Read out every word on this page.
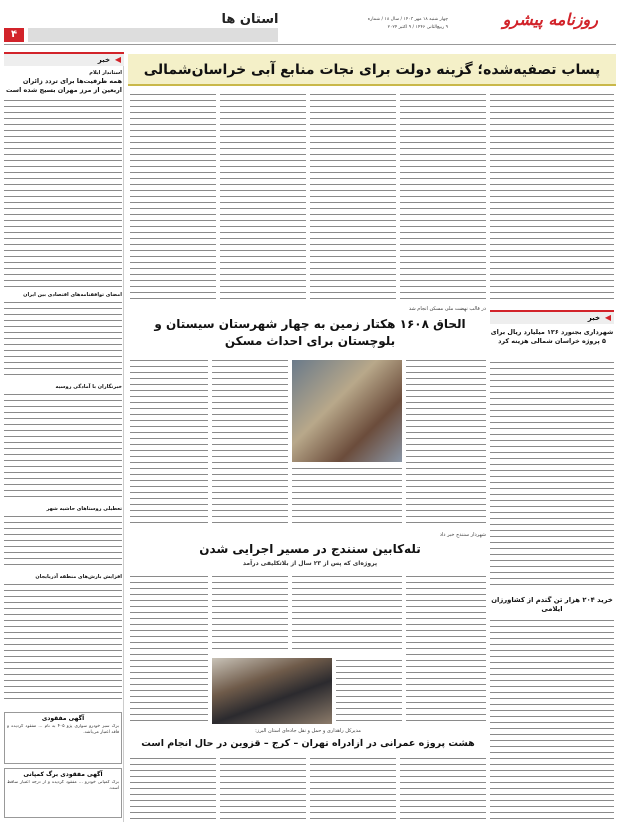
۴
استان ها	چهار شنبه ۱۸ مهر ۱۴۰۳ / سال ۱۸ / شماره
۹ ربیع‌الثانی ۱۴۴۶ / ۹ اکتبر ۲۰۲۴	روزنامه پیشرو
خبر ◀
استاندار ایلام
همه ظرفیت‌ها برای تردد زائران اربعین از مرز مهران بسیج شده است
امضای توافقنامه‌های اقتصادی بین ایران
خبرنگاران با آمادگی روسیه
تعطیلی روستاهای حاشیه شهر
افزایش بارش‌های منطقه آذربایجان
آگهی مفقودی
برگ سبز خودرو سواری پژو ۴۰۵ به نام ... مفقود گردیده و فاقد اعتبار می‌باشد.
آگهی مفقودی برگ کمپانی
برگ کمپانی خودرو ... مفقود گردیده و از درجه اعتبار ساقط است.
پساب تصفیه‌شده؛ گزینه دولت برای نجات منابع آبی خراسان‌شمالی
خبر ◀
شهرداری بجنورد ۱۲۶ میلیارد ریال برای ۵ پروژه خراسان شمالی هزینه کرد
در قالب نهضت ملی مسکن انجام شد
الحاق ۱۶۰۸ هکتار زمین به چهار شهرستان سیستان و بلوچستان برای احداث مسکن
شهردار سنندج خبر داد
تله‌کابین سنندج در مسیر اجرایی شدن
پروژه‌ای که پس از ۲۳ سال از بلاتکلیفی درآمد
خرید ۲۰۴ هزار تن گندم از کشاورزان ایلامی
مدیرکل راهداری و حمل و نقل جاده‌ای استان البرز:
هشت پروژه عمرانی در آزادراه تهران – کرج – قزوین در حال انجام است
